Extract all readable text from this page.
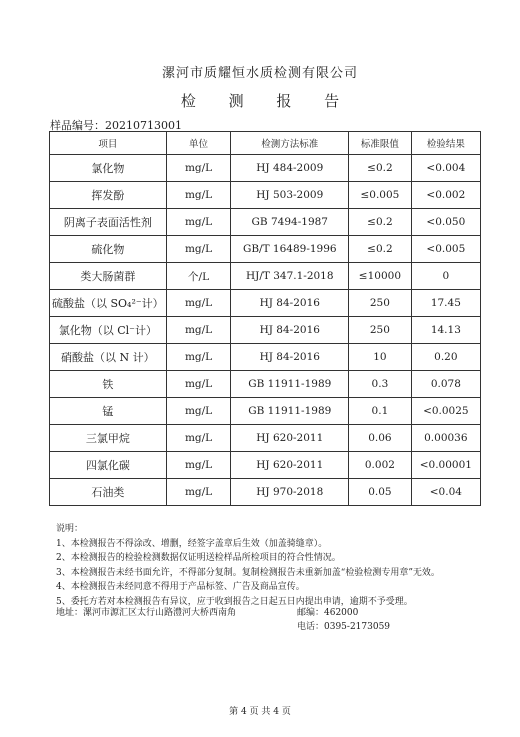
漯河市质耀恒水质检测有限公司
检 测 报 告
样品编号：20210713001
项目	单位	检测方法标准	标准限值	检验结果
氯化物	mg/L	HJ 484-2009	≤0.2	<0.004
挥发酚	mg/L	HJ 503-2009	≤0.005	<0.002
阴离子表面活性剂	mg/L	GB 7494-1987	≤0.2	<0.050
硫化物	mg/L	GB/T 16489-1996	≤0.2	<0.005
类大肠菌群	个/L	HJ/T 347.1-2018	≤10000	0
硫酸盐（以 SO₄²⁻计）	mg/L	HJ 84-2016	250	17.45
氯化物（以 Cl⁻计）	mg/L	HJ 84-2016	250	14.13
硝酸盐（以 N 计）	mg/L	HJ 84-2016	10	0.20
铁	mg/L	GB 11911-1989	0.3	0.078
锰	mg/L	GB 11911-1989	0.1	<0.0025
三氯甲烷	mg/L	HJ 620-2011	0.06	0.00036
四氯化碳	mg/L	HJ 620-2011	0.002	<0.00001
石油类	mg/L	HJ 970-2018	0.05	<0.04
说明：
1、本检测报告不得涂改、增删，经签字盖章后生效（加盖骑缝章）。
2、本检测报告的检验检测数据仅证明送检样品所检项目的符合性情况。
3、本检测报告未经书面允许，不得部分复制。复制检测报告未重新加盖“检验检测专用章”无效。
4、本检测报告未经同意不得用于产品标签、广告及商品宣传。
5、委托方若对本检测报告有异议，应于收到报告之日起五日内提出申请，逾期不予受理。
地址：漯河市源汇区太行山路澧河大桥西南角	邮编：462000
电话：0395-2173059
第 4 页 共 4 页
